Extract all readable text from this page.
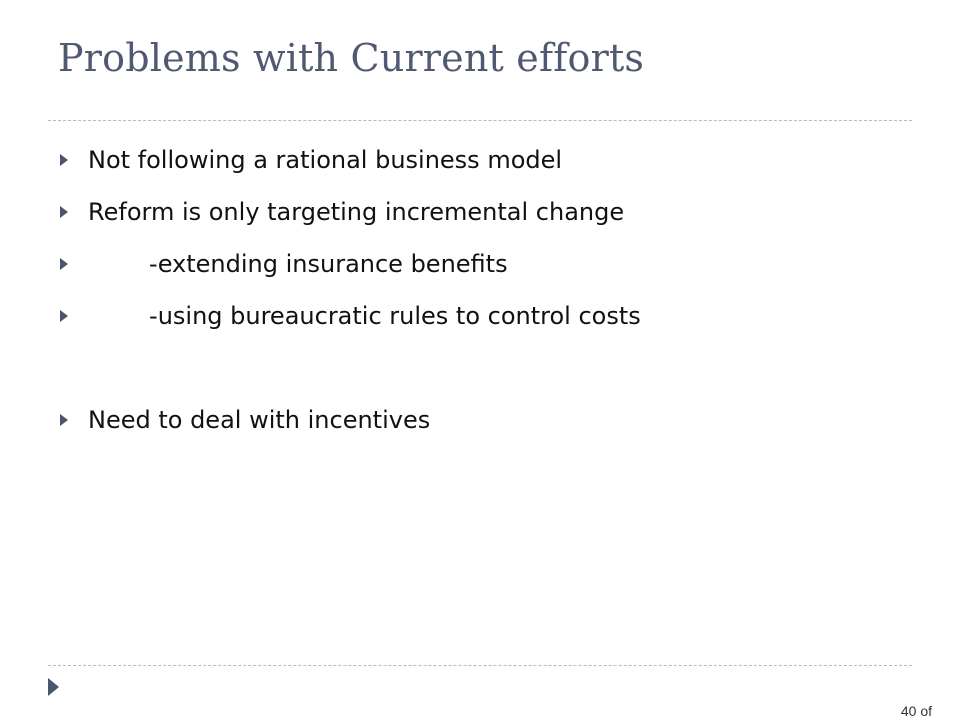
Problems with Current efforts
Not following a rational business model
Reform is only targeting incremental change
-extending insurance benefits
-using bureaucratic rules to control costs
Need to deal with incentives
40 of
